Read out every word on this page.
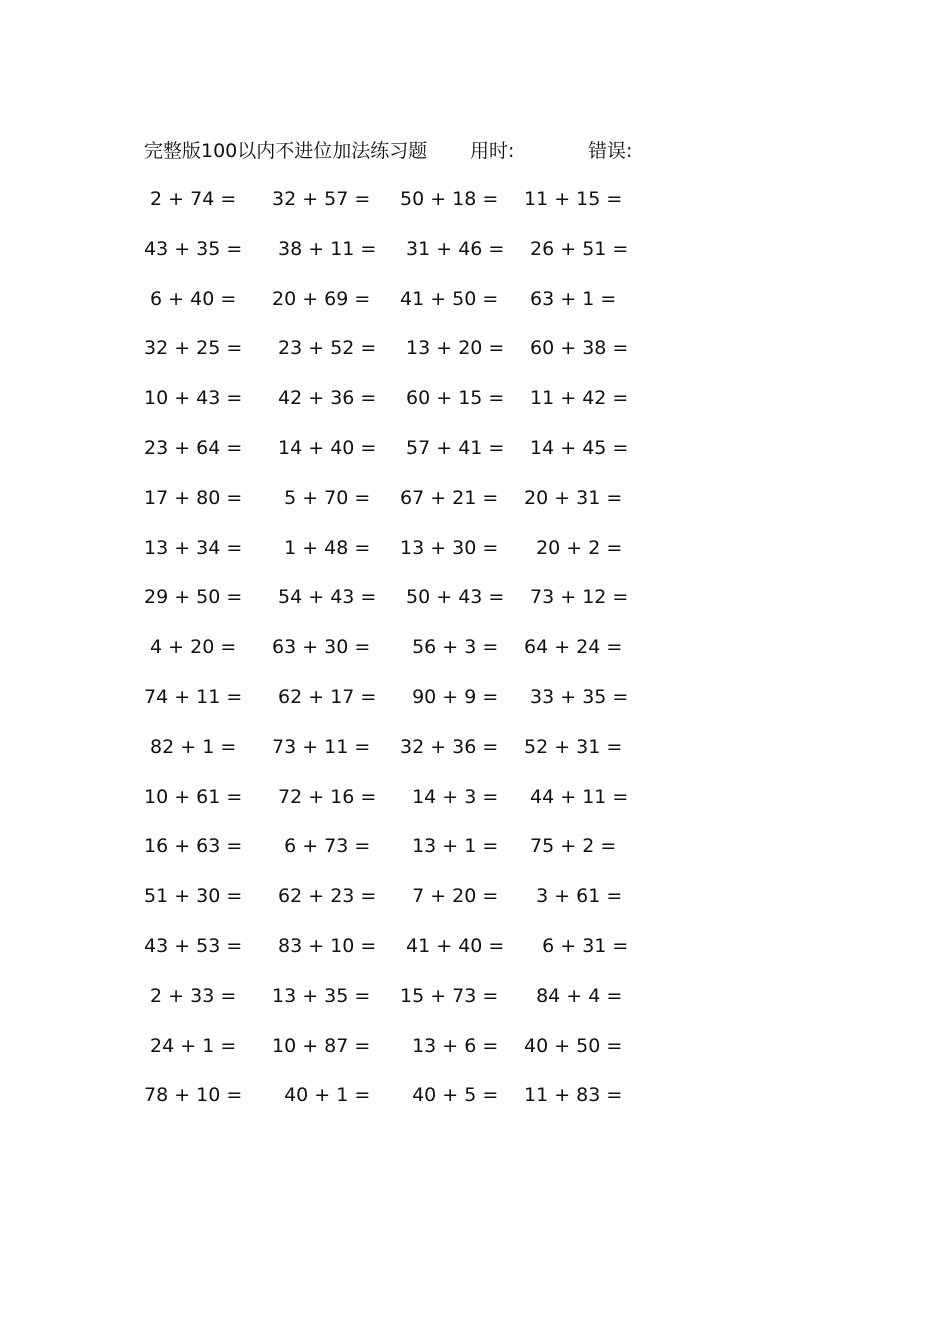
完整版100以内不进位加法练习题 用时:	错误:
2 + 74 = 32 + 57 = 50 + 18 = 11 + 15 =
43 + 35 = 38 + 11 = 31 + 46 = 26 + 51 =
6 + 40 = 20 + 69 = 41 + 50 = 63 + 1 =
32 + 25 = 23 + 52 = 13 + 20 = 60 + 38 =
10 + 43 = 42 + 36 = 60 + 15 = 11 + 42 =
23 + 64 = 14 + 40 = 57 + 41 = 14 + 45 =
17 + 80 = 5 + 70 = 67 + 21 = 20 + 31 =
13 + 34 = 1 + 48 = 13 + 30 = 20 + 2 =
29 + 50 = 54 + 43 = 50 + 43 = 73 + 12 =
4 + 20 = 63 + 30 = 56 + 3 = 64 + 24 =
74 + 11 = 62 + 17 = 90 + 9 = 33 + 35 =
82 + 1 = 73 + 11 = 32 + 36 = 52 + 31 =
10 + 61 = 72 + 16 = 14 + 3 = 44 + 11 =
16 + 63 = 6 + 73 = 13 + 1 = 75 + 2 =
51 + 30 = 62 + 23 = 7 + 20 = 3 + 61 =
43 + 53 = 83 + 10 = 41 + 40 = 6 + 31 =
2 + 33 = 13 + 35 = 15 + 73 = 84 + 4 =
24 + 1 = 10 + 87 = 13 + 6 = 40 + 50 =
78 + 10 = 40 + 1 = 40 + 5 = 11 + 83 =
